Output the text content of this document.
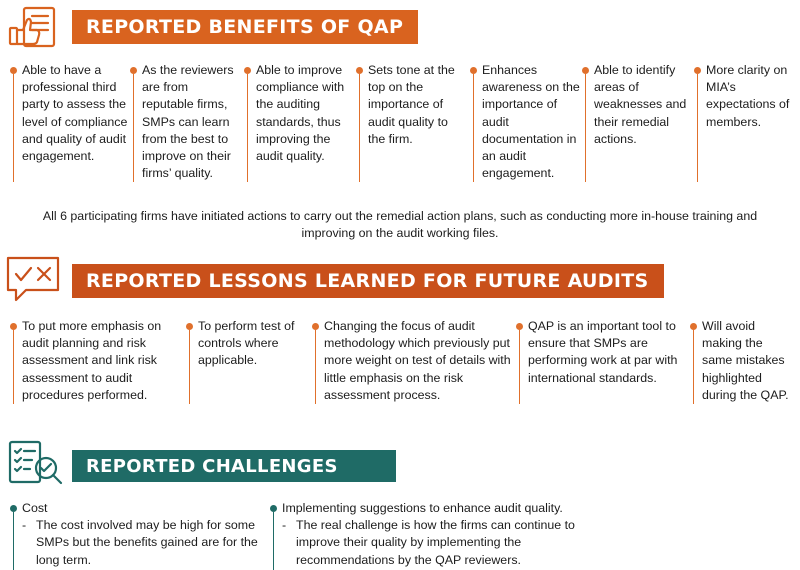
REPORTED BENEFITS OF QAP
Able to have a professional third party to assess the level of compliance and quality of audit engagement.
As the reviewers are from reputable firms, SMPs can learn from the best to improve on their firms’ quality.
Able to improve compliance with the auditing standards, thus improving the audit quality.
Sets tone at the top on the importance of audit quality to the firm.
Enhances awareness on the importance of audit documentation in an audit engagement.
Able to identify areas of weaknesses and their remedial actions.
More clarity on MIA’s expectations of members.
All 6 participating firms have initiated actions to carry out the remedial action plans, such as conducting more in-house training and improving on the audit working files.
REPORTED LESSONS LEARNED FOR FUTURE AUDITS
To put more emphasis on audit planning and risk assessment and link risk assessment to audit procedures performed.
To perform test of controls where applicable.
Changing the focus of audit methodology which previously put more weight on test of details with little emphasis on the risk assessment process.
QAP is an important tool to ensure that SMPs are performing work at par with international standards.
Will avoid making the same mistakes highlighted during the QAP.
REPORTED CHALLENGES
Cost
- The cost involved may be high for some SMPs but the benefits gained are for the long term.
Implementing suggestions to enhance audit quality.
- The real challenge is how the firms can continue to improve their quality by implementing the recommendations by the QAP reviewers.
